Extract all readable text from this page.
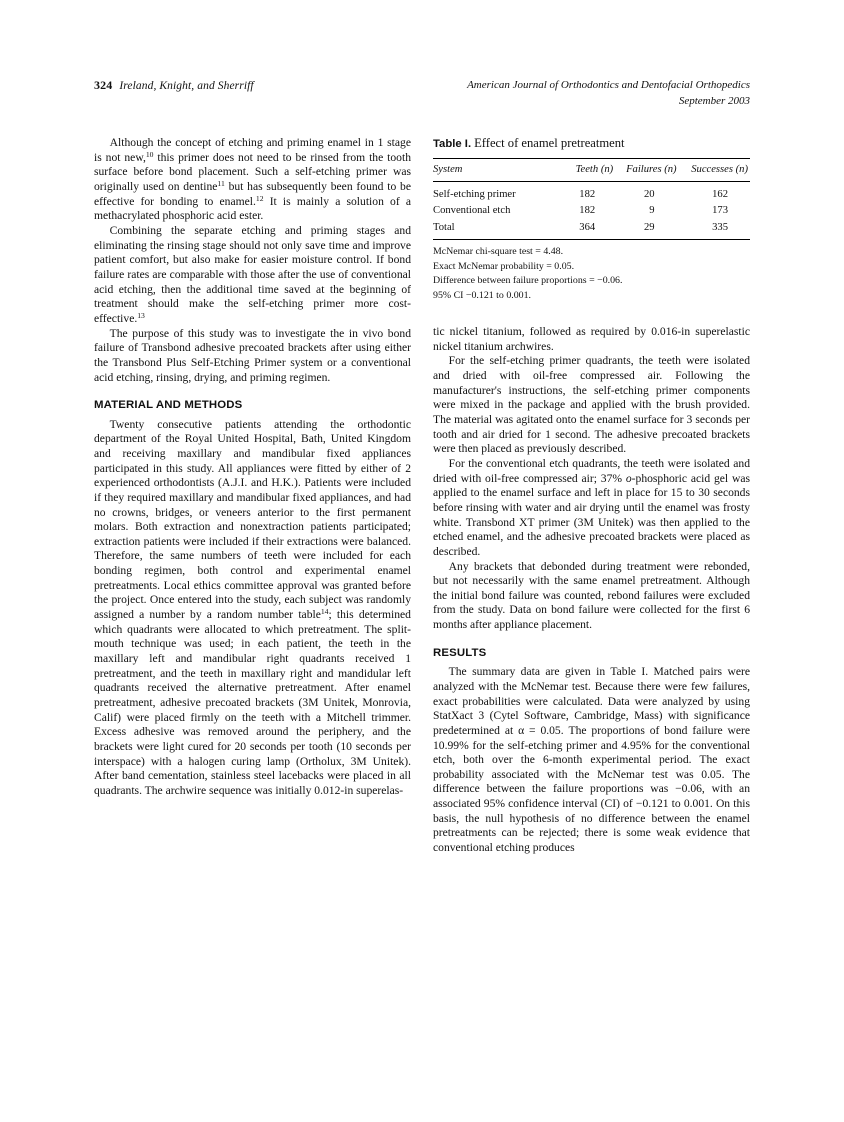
324 Ireland, Knight, and Sherriff	American Journal of Orthodontics and Dentofacial Orthopedics
September 2003

Although the concept of etching and priming enamel in 1 stage is not new,$^{10}$ this primer does not need to be rinsed from the tooth surface before bond placement. Such a self-etching primer was originally used on dentine$^{11}$ but has subsequently been found to be effective for bonding to enamel.$^{12}$ It is mainly a solution of a methacrylated phosphoric acid ester.

Combining the separate etching and priming stages and eliminating the rinsing stage should not only save time and improve patient comfort, but also make for easier moisture control. If bond failure rates are comparable with those after the use of conventional acid etching, then the additional time saved at the beginning of treatment should make the self-etching primer more cost-effective.$^{13}$

The purpose of this study was to investigate the in vivo bond failure of Transbond adhesive precoated brackets after using either the Transbond Plus Self-Etching Primer system or a conventional acid etching, rinsing, drying, and priming regimen.

MATERIAL AND METHODS

Twenty consecutive patients attending the orthodontic department of the Royal United Hospital, Bath, United Kingdom and receiving maxillary and mandibular fixed appliances participated in this study. All appliances were fitted by either of 2 experienced orthodontists (A.J.I. and H.K.). Patients were included if they required maxillary and mandibular fixed appliances, and had no crowns, bridges, or veneers anterior to the first permanent molars. Both extraction and nonextraction patients participated; extraction patients were included if their extractions were balanced. Therefore, the same numbers of teeth were included for each bonding regimen, both control and experimental enamel pretreatments. Local ethics committee approval was granted before the project. Once entered into the study, each subject was randomly assigned a number by a random number table$^{14}$; this determined which quadrants were allocated to which pretreatment. The split-mouth technique was used; in each patient, the teeth in the maxillary left and mandibular right quadrants received 1 pretreatment, and the teeth in maxillary right and mandidular left quadrants received the alternative pretreatment. After enamel pretreatment, adhesive precoated brackets (3M Unitek, Monrovia, Calif) were placed firmly on the teeth with a Mitchell trimmer. Excess adhesive was removed around the periphery, and the brackets were light cured for 20 seconds per tooth (10 seconds per interspace) with a halogen curing lamp (Ortholux, 3M Unitek). After band cementation, stainless steel lacebacks were placed in all quadrants. The archwire sequence was initially 0.012-in superelas-

Table I. Effect of enamel pretreatment
System	Teeth (n)	Failures (n)	Successes (n)
Self-etching primer	182	20	162
Conventional etch	182	9	173
Total	364	29	335
McNemar chi-square test = 4.48.
Exact McNemar probability = 0.05.
Difference between failure proportions = −0.06.
95% CI −0.121 to 0.001.

tic nickel titanium, followed as required by 0.016-in superelastic nickel titanium archwires.

For the self-etching primer quadrants, the teeth were isolated and dried with oil-free compressed air. Following the manufacturer's instructions, the self-etching primer components were mixed in the package and applied with the brush provided. The material was agitated onto the enamel surface for 3 seconds per tooth and air dried for 1 second. The adhesive precoated brackets were then placed as previously described.

For the conventional etch quadrants, the teeth were isolated and dried with oil-free compressed air; 37% o-phosphoric acid gel was applied to the enamel surface and left in place for 15 to 30 seconds before rinsing with water and air drying until the enamel was frosty white. Transbond XT primer (3M Unitek) was then applied to the etched enamel, and the adhesive precoated brackets were placed as described.

Any brackets that debonded during treatment were rebonded, but not necessarily with the same enamel pretreatment. Although the initial bond failure was counted, rebond failures were excluded from the study. Data on bond failure were collected for the first 6 months after appliance placement.

RESULTS

The summary data are given in Table I. Matched pairs were analyzed with the McNemar test. Because there were few failures, exact probabilities were calculated. Data were analyzed by using StatXact 3 (Cytel Software, Cambridge, Mass) with significance predetermined at α = 0.05. The proportions of bond failure were 10.99% for the self-etching primer and 4.95% for the conventional etch, both over the 6-month experimental period. The exact probability associated with the McNemar test was 0.05. The difference between the failure proportions was −0.06, with an associated 95% confidence interval (CI) of −0.121 to 0.001. On this basis, the null hypothesis of no difference between the enamel pretreatments can be rejected; there is some weak evidence that conventional etching produces
